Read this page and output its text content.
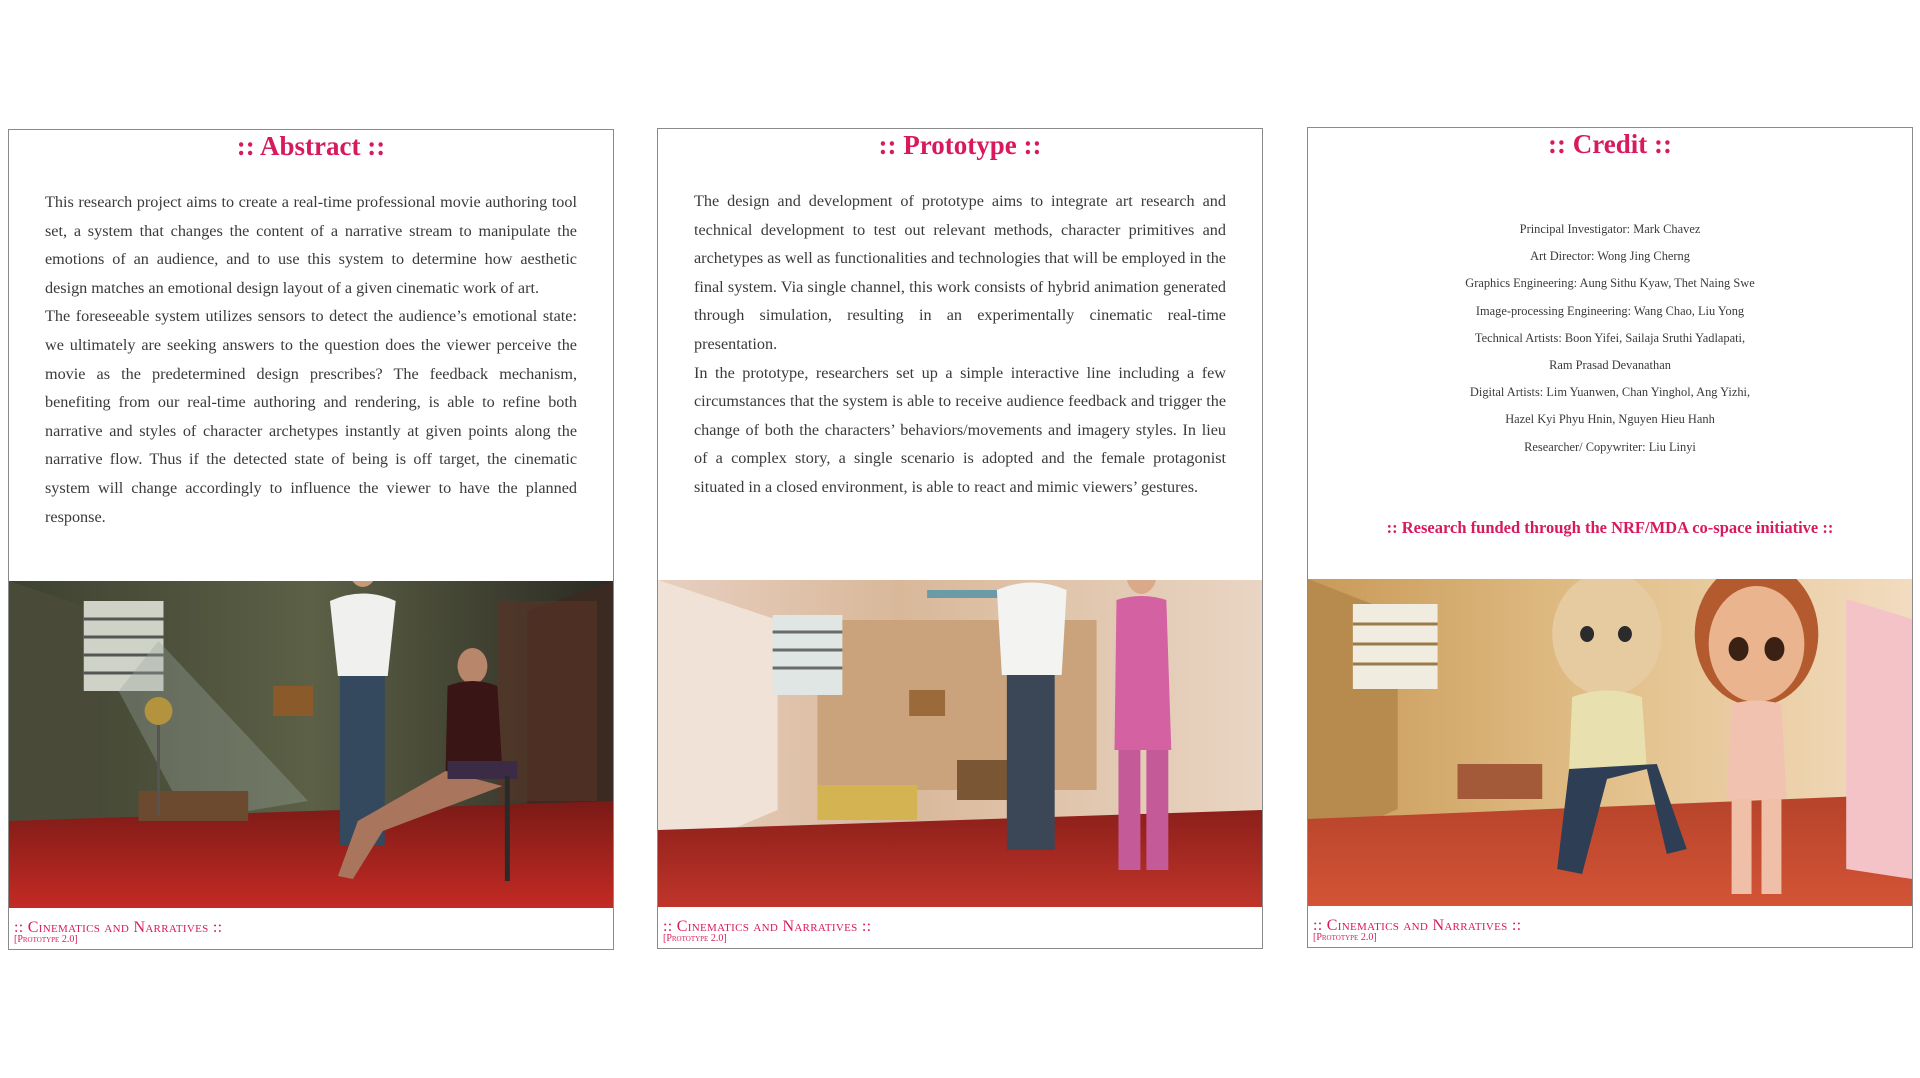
:: Abstract ::

This research project aims to create a real-time professional movie authoring tool set, a system that changes the content of a narrative stream to manipulate the emotions of an audience, and to use this system to determine how aesthetic design matches an emotional design layout of a given cinematic work of art.

The foreseeable system utilizes sensors to detect the audience’s emotional state: we ultimately are seeking answers to the question does the viewer perceive the movie as the predetermined design prescribes? The feedback mechanism, benefiting from our real-time authoring and rendering, is able to refine both narrative and styles of character archetypes instantly at given points along the narrative flow. Thus if the detected state of being is off target, the cinematic system will change accordingly to influence the viewer to have the planned response.

:: Cinematics and Narratives ::
[Prototype 2.0]
:: Prototype ::

The design and development of prototype aims to integrate art research and technical development to test out relevant methods, character primitives and archetypes as well as functionalities and technologies that will be employed in the final system. Via single channel, this work consists of hybrid animation generated through simulation, resulting in an experimentally cinematic real-time presentation.

In the prototype, researchers set up a simple interactive line including a few circumstances that the system is able to receive audience feedback and trigger the change of both the characters’ behaviors/movements and imagery styles. In lieu of a complex story, a single scenario is adopted and the female protagonist situated in a closed environment, is able to react and mimic viewers’ gestures.

:: Cinematics and Narratives ::
[Prototype 2.0]
:: Credit ::
Principal Investigator: Mark Chavez
Art Director: Wong Jing Cherng
Graphics Engineering: Aung Sithu Kyaw, Thet Naing Swe
Image-processing Engineering: Wang Chao, Liu Yong
Technical Artists: Boon Yifei, Sailaja Sruthi Yadlapati,
Ram Prasad Devanathan
Digital Artists: Lim Yuanwen, Chan Yinghol, Ang Yizhi,
Hazel Kyi Phyu Hnin, Nguyen Hieu Hanh
Researcher/ Copywriter: Liu Linyi
:: Research funded through the NRF/MDA co-space initiative ::
:: Cinematics and Narratives ::
[Prototype 2.0]
